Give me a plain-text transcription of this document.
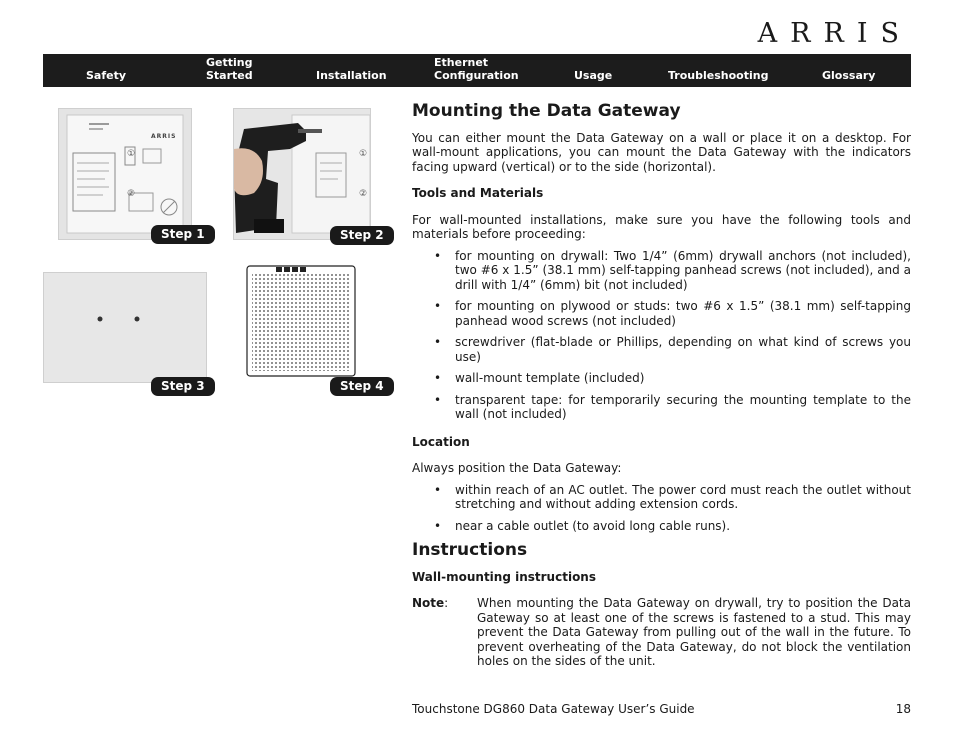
ARRIS
Safety
Getting
Started	Installation
Ethernet
Configuration	Usage	Troubleshooting	Glossary
ARRIS
①
②
Step 1
①
②
Step 2
Step 3	Step 4
Mounting the Data Gateway

You can either mount the Data Gateway on a wall or place it on a desktop. For wall-mount applications, you can mount the Data Gateway with the indicators facing upward (vertical) or to the side (horizontal).

Tools and Materials

For wall-mounted installations, make sure you have the following tools and materials before proceeding:

• for mounting on drywall: Two 1/4” (6mm) drywall anchors (not included), two #6 x 1.5” (38.1 mm) self-tapping panhead screws (not included), and a drill with 1/4” (6mm) bit (not included)
• for mounting on plywood or studs: two #6 x 1.5” (38.1 mm) self-tapping panhead wood screws (not included)
• screwdriver (flat-blade or Phillips, depending on what kind of screws you use)
• wall-mount template (included)
• transparent tape: for temporarily securing the mounting template to the wall (not included)
Location

Always position the Data Gateway:

• within reach of an AC outlet. The power cord must reach the outlet without stretching and without adding extension cords.
• near a cable outlet (to avoid long cable runs).
Instructions
Wall-mounting instructions
Note:	When mounting the Data Gateway on drywall, try to position the Data Gateway so at least one of the screws is fastened to a stud. This may prevent the Data Gateway from pulling out of the wall in the future. To prevent overheating of the Data Gateway, do not block the ventilation holes on the sides of the unit.
Touchstone DG860 Data Gateway User’s Guide	18
